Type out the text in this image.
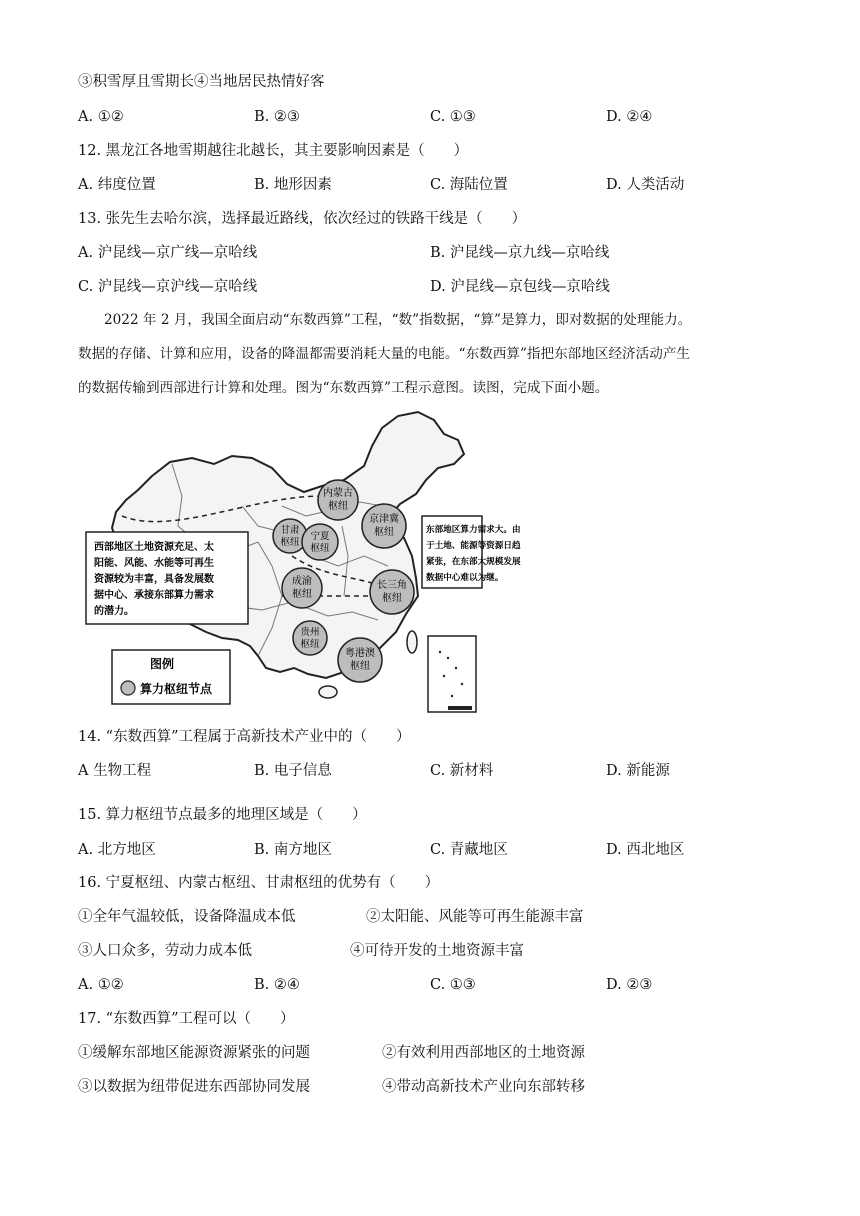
③积雪厚且雪期长④当地居民热情好客
A. ①②	B. ②③	C. ①③	D. ②④
12. 黑龙江各地雪期越往北越长，其主要影响因素是（　　）
A. 纬度位置	B. 地形因素	C. 海陆位置	D. 人类活动
13. 张先生去哈尔滨，选择最近路线，依次经过的铁路干线是（　　）
A. 沪昆线—京广线—京哈线	B. 沪昆线—京九线—京哈线
C. 沪昆线—京沪线—京哈线	D. 沪昆线—京包线—京哈线
2022 年 2 月，我国全面启动“东数西算”工程，“数”指数据，“算”是算力，即对数据的处理能力。
数据的存储、计算和应用，设备的降温都需要消耗大量的电能。“东数西算”指把东部地区经济活动产生
的数据传输到西部进行计算和处理。图为“东数西算”工程示意图。读图，完成下面小题。
内蒙古
枢纽
京津冀
枢纽
甘肃
枢纽
宁夏
枢纽
成渝
枢纽
长三角
枢纽
贵州
枢纽
粤港澳
枢纽
西部地区土地资源充足、太
阳能、风能、水能等可再生
资源较为丰富，具备发展数
据中心、承接东部算力需求
的潜力。
东部地区算力需求大。由
于土地、能源等资源日趋
紧张，在东部大规模发展
数据中心难以为继。
图例
算力枢纽节点
14. “东数西算”工程属于高新技术产业中的（　　）
A 生物工程	B. 电子信息	C. 新材料	D. 新能源
15. 算力枢纽节点最多的地理区域是（　　）
A. 北方地区	B. 南方地区	C. 青藏地区	D. 西北地区
16. 宁夏枢纽、内蒙古枢纽、甘肃枢纽的优势有（　　）
①全年气温较低，设备降温成本低	②太阳能、风能等可再生能源丰富
③人口众多，劳动力成本低	④可待开发的土地资源丰富
A. ①②	B. ②④	C. ①③	D. ②③
17. “东数西算”工程可以（　　）
①缓解东部地区能源资源紧张的问题	②有效利用西部地区的土地资源
③以数据为纽带促进东西部协同发展	④带动高新技术产业向东部转移
